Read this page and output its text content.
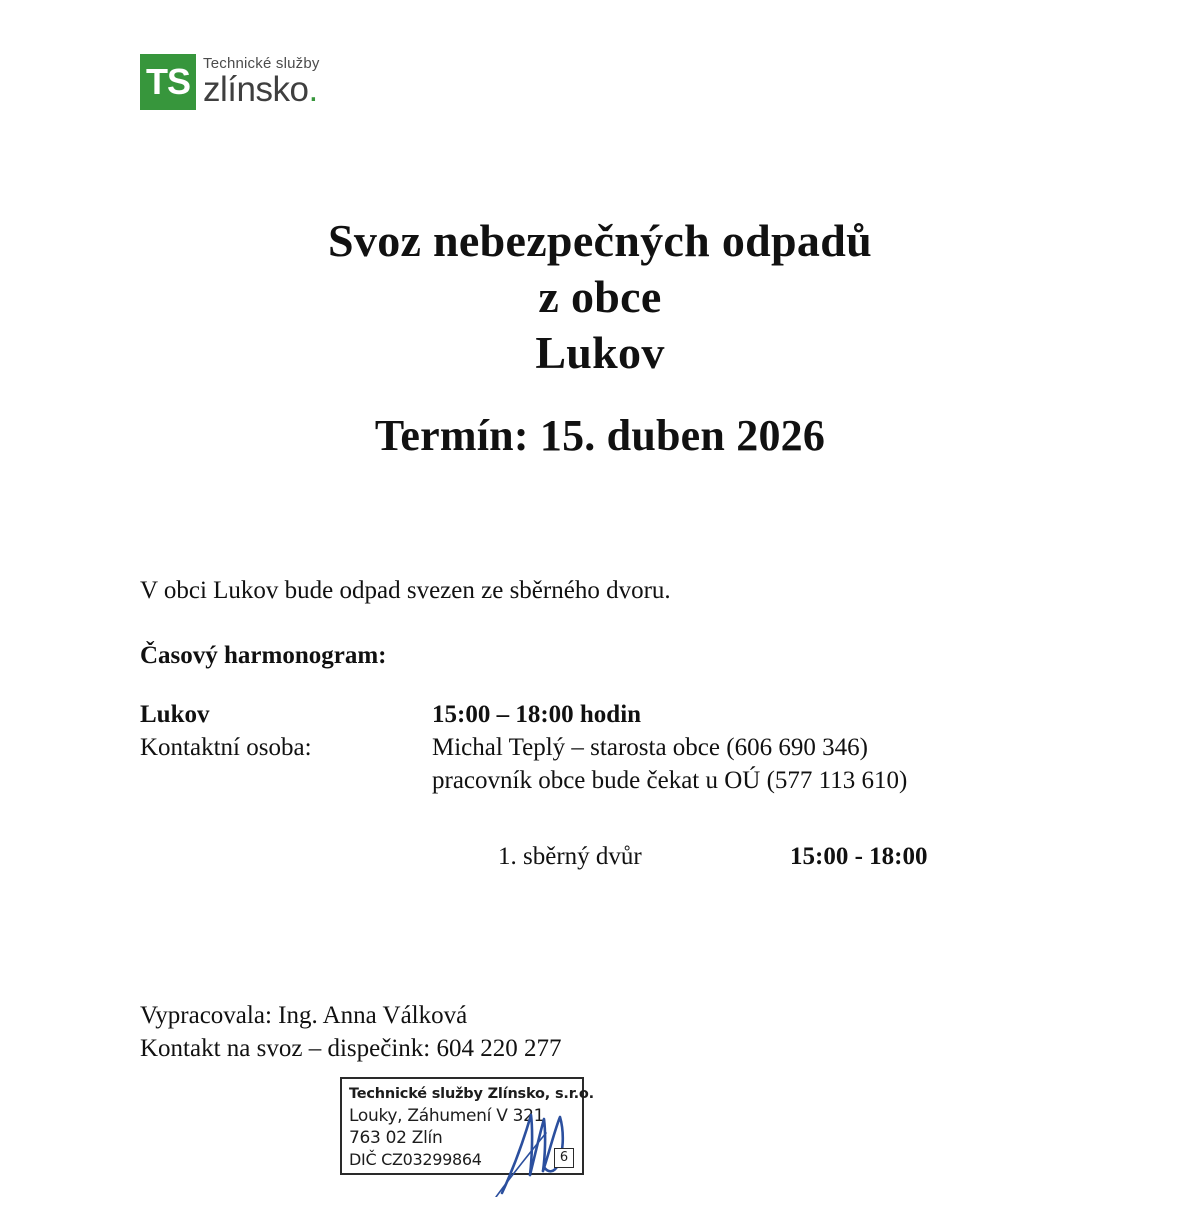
TS Technické služby
zlínsko.
Svoz nebezpečných odpadů
z obce
Lukov
Termín: 15. duben 2026

V obci Lukov bude odpad svezen ze sběrného dvoru.

Časový harmonogram:
Lukov	15:00 – 18:00 hodin
Kontaktní osoba:	Michal Teplý – starosta obce (606 690 346)
pracovník obce bude čekat u OÚ (577 113 610)
1. sběrný dvůr	15:00 - 18:00
Vypracovala: Ing. Anna Válková
Kontakt na svoz – dispečink: 604 220 277
Technické služby Zlínsko, s.r.o.
Louky, Záhumení V 321
763 02 Zlín
DIČ CZ03299864	6
